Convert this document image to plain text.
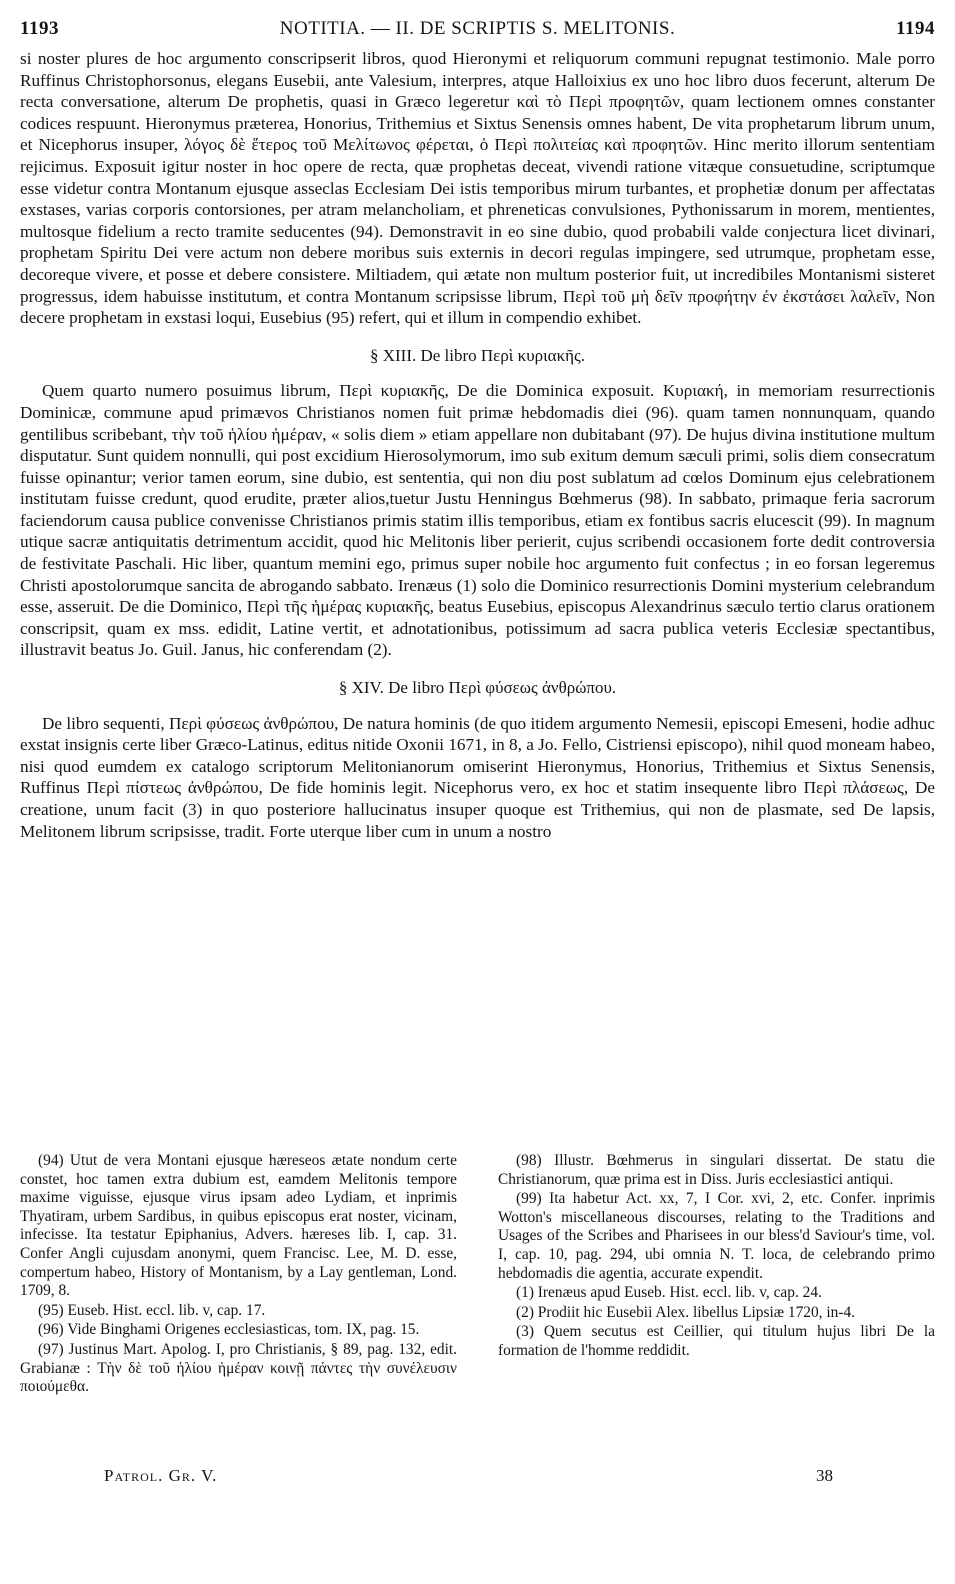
1193	NOTITIA. — II. DE SCRIPTIS S. MELITONIS.	1194

si noster plures de hoc argumento conscripserit libros, quod Hieronymi et reliquorum communi repugnat testimonio. Male porro Ruffinus Christophorsonus, elegans Eusebii, ante Valesium, interpres, atque Halloixius ex uno hoc libro duos fecerunt, alterum De recta conversatione, alterum De prophetis, quasi in Græco legeretur καὶ τὸ Περὶ προφητῶν, quam lectionem omnes constanter codices respuunt. Hieronymus præterea, Honorius, Trithemius et Sixtus Senensis omnes habent, De vita prophetarum librum unum, et Nicephorus insuper, λόγος δὲ ἕτερος τοῦ Μελίτωνος φέρεται, ὁ Περὶ πολιτείας καὶ προφητῶν. Hinc merito illorum sententiam rejicimus. Exposuit igitur noster in hoc opere de recta, quæ prophetas deceat, vivendi ratione vitæque consuetudine, scriptumque esse videtur contra Montanum ejusque asseclas Ecclesiam Dei istis temporibus mirum turbantes, et prophetiæ donum per affectatas exstases, varias corporis contorsiones, per atram melancholiam, et phreneticas convulsiones, Pythonissarum in morem, mentientes, multosque fidelium a recto tramite seducentes (94). Demonstravit in eo sine dubio, quod probabili valde conjectura licet divinari, prophetam Spiritu Dei vere actum non debere moribus suis externis in decori regulas impingere, sed utrumque, prophetam esse, decoreque vivere, et posse et debere consistere. Miltiadem, qui ætate non multum posterior fuit, ut incredibiles Montanismi sisteret progressus, idem habuisse institutum, et contra Montanum scripsisse librum, Περὶ τοῦ μὴ δεῖν προφήτην ἐν ἐκστάσει λαλεῖν, Non decere prophetam in exstasi loqui, Eusebius (95) refert, qui et illum in compendio exhibet.

§ XIII. De libro Περὶ κυριακῆς.

Quem quarto numero posuimus librum, Περὶ κυριακῆς, De die Dominica exposuit. Κυριακή, in memoriam resurrectionis Dominicæ, commune apud primævos Christianos nomen fuit primæ hebdomadis diei (96). quam tamen nonnunquam, quando gentilibus scribebant, τὴν τοῦ ἡλίου ἡμέραν, « solis diem » etiam appellare non dubitabant (97). De hujus divina institutione multum disputatur. Sunt quidem nonnulli, qui post excidium Hierosolymorum, imo sub exitum demum sæculi primi, solis diem consecratum fuisse opinantur; verior tamen eorum, sine dubio, est sententia, qui non diu post sublatum ad cœlos Dominum ejus celebrationem institutam fuisse credunt, quod erudite, præter alios,tuetur Justu Henningus Bœhmerus (98). In sabbato, primaque feria sacrorum faciendorum causa publice convenisse Christianos primis statim illis temporibus, etiam ex fontibus sacris elucescit (99). In magnum utique sacræ antiquitatis detrimentum accidit, quod hic Melitonis liber perierit, cujus scribendi occasionem forte dedit controversia de festivitate Paschali. Hic liber, quantum memini ego, primus super nobile hoc argumento fuit confectus ; in eo forsan legeremus Christi apostolorumque sancita de abrogando sabbato. Irenæus (1) solo die Dominico resurrectionis Domini mysterium celebrandum esse, asseruit. De die Dominico, Περὶ τῆς ἡμέρας κυριακῆς, beatus Eusebius, episcopus Alexandrinus sæculo tertio clarus orationem conscripsit, quam ex mss. edidit, Latine vertit, et adnotationibus, potissimum ad sacra publica veteris Ecclesiæ spectantibus, illustravit beatus Jo. Guil. Janus, hic conferendam (2).

§ XIV. De libro Περὶ φύσεως ἀνθρώπου.

De libro sequenti, Περὶ φύσεως ἀνθρώπου, De natura hominis (de quo itidem argumento Nemesii, episcopi Emeseni, hodie adhuc exstat insignis certe liber Græco-Latinus, editus nitide Oxonii 1671, in 8, a Jo. Fello, Cistriensi episcopo), nihil quod moneam habeo, nisi quod eumdem ex catalogo scriptorum Melitonianorum omiserint Hieronymus, Honorius, Trithemius et Sixtus Senensis, Ruffinus Περὶ πίστεως ἀνθρώπου, De fide hominis legit. Nicephorus vero, ex hoc et statim insequente libro Περὶ πλάσεως, De creatione, unum facit (3) in quo posteriore hallucinatus insuper quoque est Trithemius, qui non de plasmate, sed De lapsis, Melitonem librum scripsisse, tradit. Forte uterque liber cum in unum a nostro

(94) Utut de vera Montani ejusque hæreseos ætate nondum certe constet, hoc tamen extra dubium est, eamdem Melitonis tempore maxime viguisse, ejusque virus ipsam adeo Lydiam, et inprimis Thyatiram, urbem Sardibus, in quibus episcopus erat noster, vicinam, infecisse. Ita testatur Epiphanius, Advers. hæreses lib. I, cap. 31. Confer Angli cujusdam anonymi, quem Francisc. Lee, M. D. esse, compertum habeo, History of Montanism, by a Lay gentleman, Lond. 1709, 8.

(95) Euseb. Hist. eccl. lib. v, cap. 17.

(96) Vide Binghami Origenes ecclesiasticas, tom. IX, pag. 15.

(97) Justinus Mart. Apolog. I, pro Christianis, § 89, pag. 132, edit. Grabianæ : Τὴν δὲ τοῦ ἡλίου ἡμέραν κοινῇ πάντες τὴν συνέλευσιν ποιούμεθα.

(98) Illustr. Bœhmerus in singulari dissertat. De statu die Christianorum, quæ prima est in Diss. Juris ecclesiastici antiqui.

(99) Ita habetur Act. xx, 7, I Cor. xvi, 2, etc. Confer. inprimis Wotton's miscellaneous discourses, relating to the Traditions and Usages of the Scribes and Pharisees in our bless'd Saviour's time, vol. I, cap. 10, pag. 294, ubi omnia N. T. loca, de celebrando primo hebdomadis die agentia, accurate expendit.

(1) Irenæus apud Euseb. Hist. eccl. lib. v, cap. 24.

(2) Prodiit hic Eusebii Alex. libellus Lipsiæ 1720, in-4.

(3) Quem secutus est Ceillier, qui titulum hujus libri De la formation de l'homme reddidit.

Patrol. Gr. V.	38
